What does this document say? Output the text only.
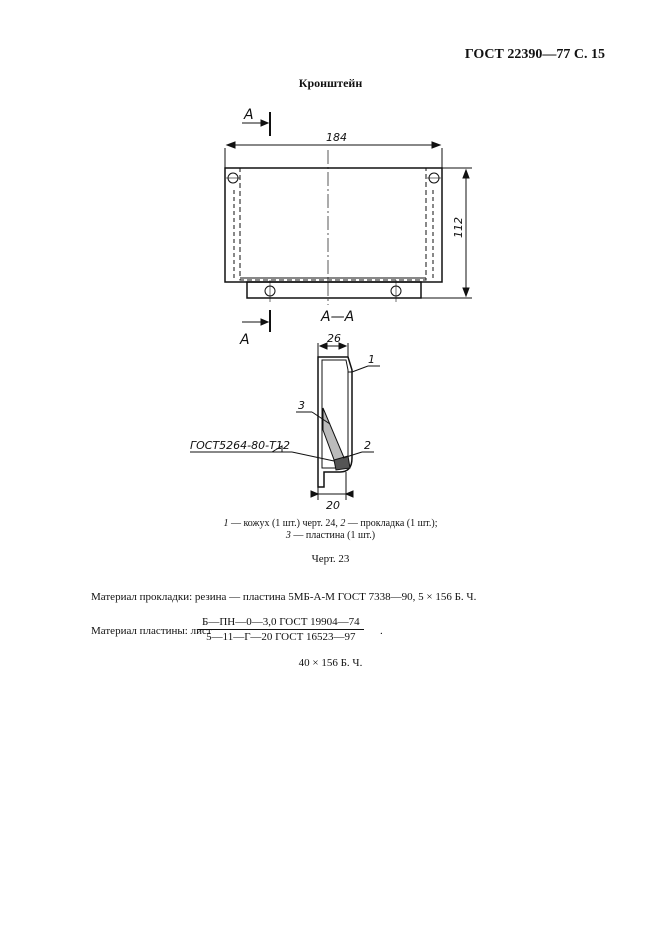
ГОСТ 22390—77 С. 15
Кронштейн
А
А
184
112
А—А
26
20
ГОСТ5264-80-Т1 2
1
2
3
1 — кожух (1 шт.) черт. 24, 2 — прокладка (1 шт.);
3 — пластина (1 шт.)
Черт. 23
Материал прокладки: резина — пластина 5МБ-А-М ГОСТ 7338—90, 5 × 156 Б. Ч.
Материал пластины: лист
Б—ПН—0—3,0 ГОСТ 19904—74
5—11—Г—20 ГОСТ 16523—97	.
40 × 156 Б. Ч.
